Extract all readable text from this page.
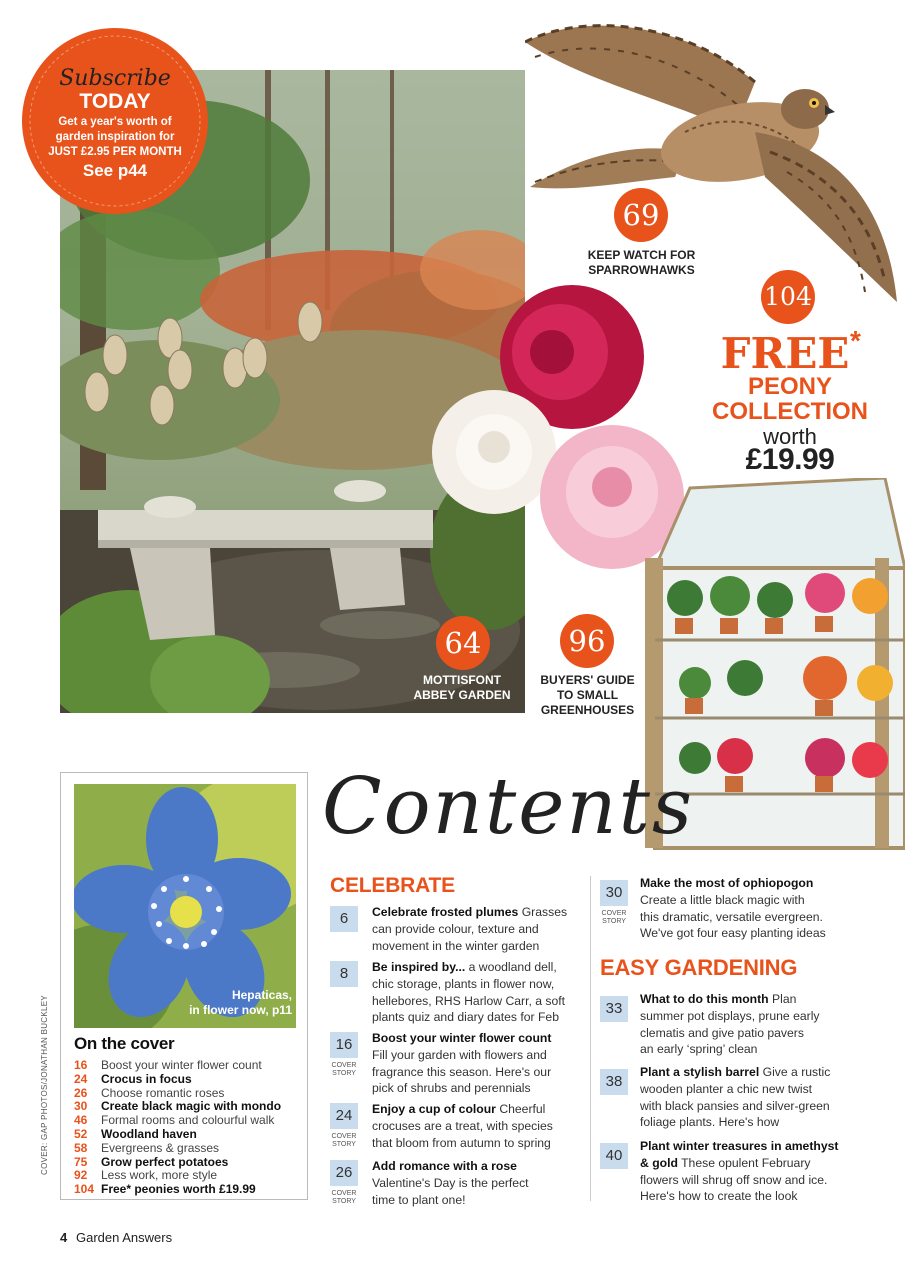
Subscribe
TODAY
Get a year's worth of
garden inspiration for
JUST £2.95 PER MONTH
See p44
69
KEEP WATCH FOR
SPARROWHAWKS
104
FREE *
PEONY
COLLECTION
worth
£19.99
64
MOTTISFONT
ABBEY GARDEN
96
BUYERS' GUIDE
TO SMALL
GREENHOUSES
Hepaticas,
in flower now, p11
On the cover
16 Boost your winter flower count
24 Crocus in focus
26 Choose romantic roses
30 Create black magic with mondo
46 Formal rooms and colourful walk
52 Woodland haven
58 Evergreens & grasses
75 Grow perfect potatoes
92 Less work, more style
104 Free* peonies worth £19.99
COVER: GAP PHOTOS/JONATHAN BUCKLEY
Contents
CELEBRATE
6	Celebrate frosted plumes Grasses
can provide colour, texture and
movement in the winter garden
8	Be inspired by... a woodland dell,
chic storage, plants in flower now,
hellebores, RHS Harlow Carr, a soft
plants quiz and diary dates for Feb
16
COVER
STORY
Boost your winter flower count
Fill your garden with flowers and
fragrance this season. Here's our
pick of shrubs and perennials
24
COVER
STORY
Enjoy a cup of colour Cheerful
crocuses are a treat, with species
that bloom from autumn to spring
26
COVER
STORY
Add romance with a rose
Valentine's Day is the perfect
time to plant one!
30
COVER
STORY
Make the most of ophiopogon
Create a little black magic with
this dramatic, versatile evergreen.
We've got four easy planting ideas
EASY GARDENING
33
What to do this month Plan
summer pot displays, prune early
clematis and give patio pavers
an early ‘spring’ clean
38
Plant a stylish barrel Give a rustic
wooden planter a chic new twist
with black pansies and silver-green
foliage plants. Here's how
40
Plant winter treasures in amethyst
& gold These opulent February
flowers will shrug off snow and ice.
Here's how to create the look
4 Garden Answers
